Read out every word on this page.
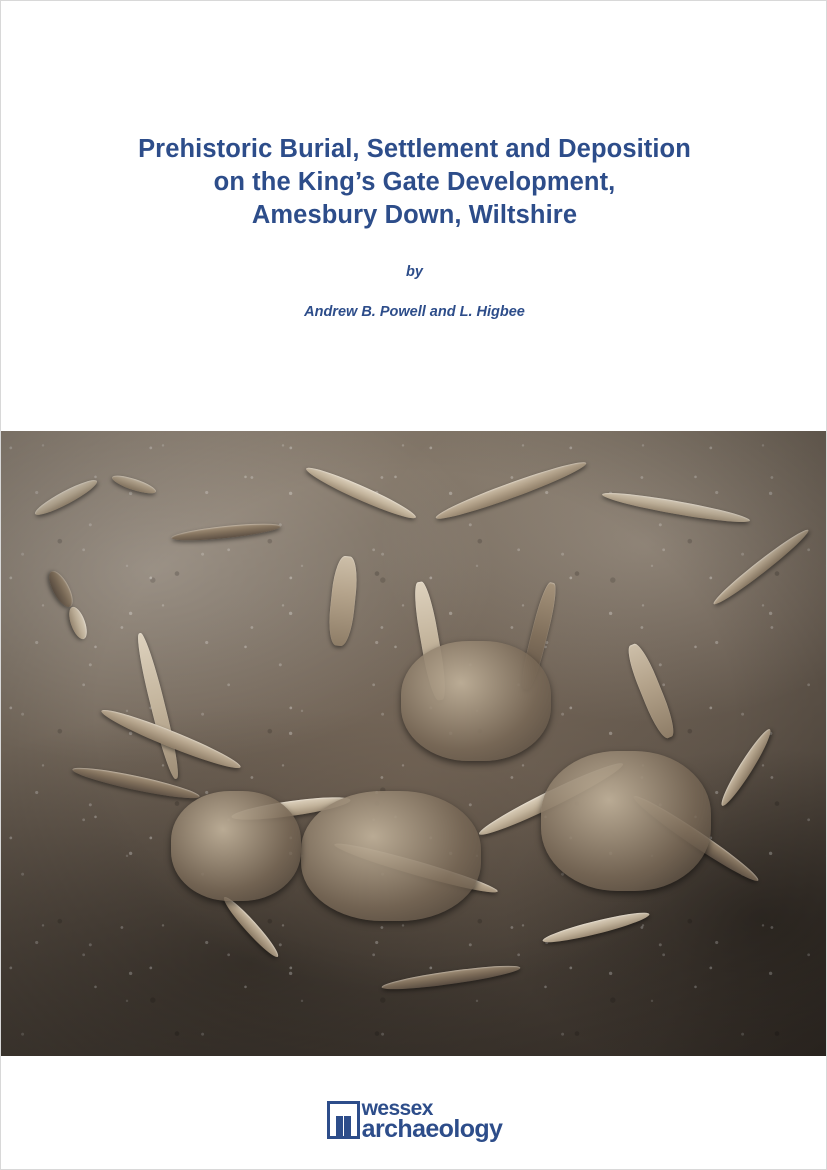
Prehistoric Burial, Settlement and Deposition
on the King’s Gate Development,
Amesbury Down, Wiltshire
by
Andrew B. Powell and L. Higbee
wessex
archaeology
